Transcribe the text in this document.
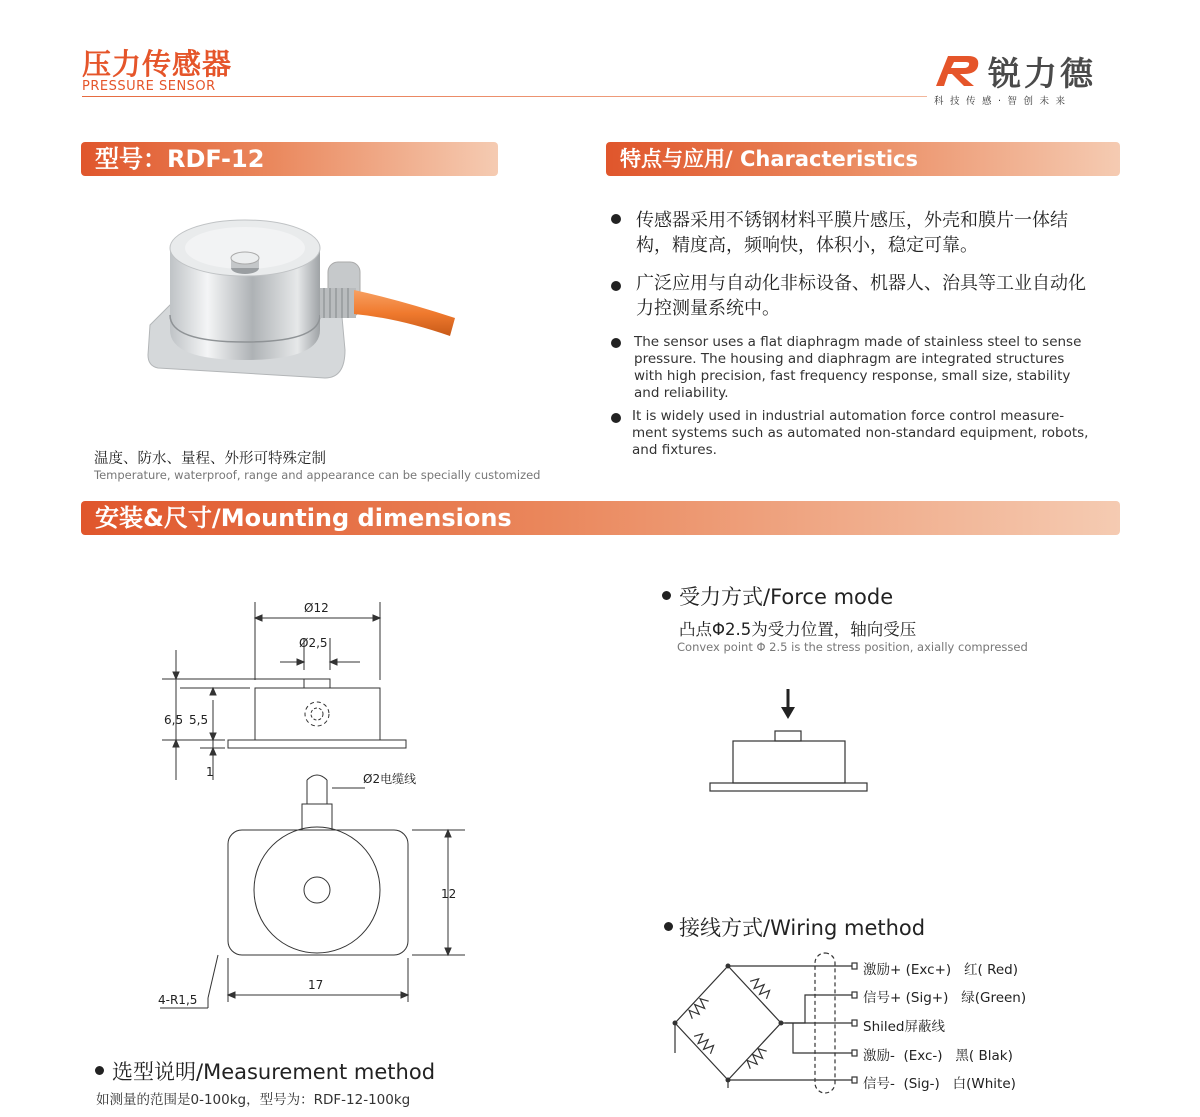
压力传感器
PRESSURE SENSOR	锐力德
科技传感·智创未来
型号：RDF-12	特点与应用/ Characteristics
温度、防水、量程、外形可特殊定制
Temperature, waterproof, range and appearance can be specially customized
传感器采用不锈钢材料平膜片感压，外壳和膜片一体结构，精度高，频响快，体积小，稳定可靠。
广泛应用与自动化非标设备、机器人、治具等工业自动化力控测量系统中。
The sensor uses a flat diaphragm made of stainless steel to sense pressure. The housing and diaphragm are integrated structures with high precision, fast frequency response, small size, stability and reliability.
It is widely used in industrial automation force control measure-ment systems such as automated non-standard equipment, robots, and fixtures.
安装&尺寸/Mounting dimensions
Ø12
Ø2,5
6,5 5,5
1	Ø2电缆线
12
17
4-R1,5
受力方式/Force mode
凸点Φ2.5为受力位置，轴向受压
Convex point Φ 2.5 is the stress position, axially compressed
接线方式/Wiring method
激励+ (Exc+)   红( Red)
信号+ (Sig+)   绿(Green)
Shiled屏蔽线
激励-  (Exc-)   黑( Blak)
信号-  (Sig-)   白(White)
选型说明/Measurement method
如测量的范围是0-100kg，型号为：RDF-12-100kg
